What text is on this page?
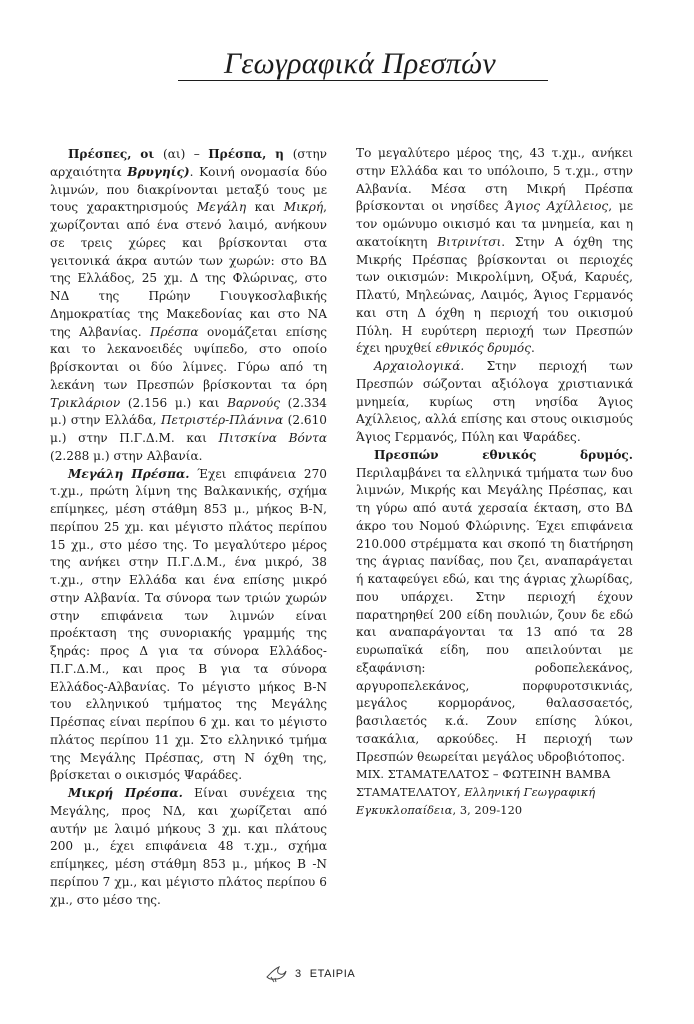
Γεωγραφικά Πρεσπών

Πρέσπες, οι (αι) – Πρέσπα, η (στην αρχαιότητα Βρυγηίς). Κοινή ονομασία δύο λιμνών, που διακρίνονται μεταξύ τους με τους χαρακτηρισμούς Μεγάλη και Μικρή, χωρίζονται από ένα στενό λαιμό, ανήκουν σε τρεις χώρες και βρίσκονται στα γειτονικά άκρα αυτών των χωρών: στο ΒΔ της Ελλάδος, 25 χμ. Δ της Φλώρινας, στο ΝΔ της Πρώην Γιουγκοσλαβικής Δημοκρατίας της Μακεδονίας και στο ΝΑ της Αλβανίας. Πρέσπα ονομάζεται επίσης και το λεκανοειδές υψίπεδο, στο οποίο βρίσκονται οι δύο λίμνες. Γύρω από τη λεκάνη των Πρεσπών βρίσκονται τα όρη Τρικλάριον (2.156 μ.) και Βαρνούς (2.334 μ.) στην Ελλάδα, Πετριστέρ-Πλάνινα (2.610 μ.) στην Π.Γ.Δ.Μ. και Πιτσκίνα Βόντα (2.288 μ.) στην Αλβανία.

Μεγάλη Πρέσπα. Έχει επιφάνεια 270 τ.χμ., πρώτη λίμνη της Βαλκανικής, σχήμα επίμηκες, μέση στάθμη 853 μ., μήκος Β-Ν, περίπου 25 χμ. και μέγιστο πλάτος περίπου 15 χμ., στο μέσο της. Το μεγαλύτερο μέρος της ανήκει στην Π.Γ.Δ.Μ., ένα μικρό, 38 τ.χμ., στην Ελλάδα και ένα επίσης μικρό στην Αλβανία. Τα σύνορα των τριών χωρών στην επιφάνεια των λιμνών είναι προέκταση της συνοριακής γραμμής της ξηράς: προς Δ για τα σύνορα Ελλάδος-Π.Γ.Δ.Μ., και προς Β για τα σύνορα Ελλάδος-Αλβανίας. Το μέγιστο μήκος Β-Ν του ελληνικού τμήματος της Μεγάλης Πρέσπας είναι περίπου 6 χμ. και το μέγιστο πλάτος περίπου 11 χμ. Στο ελληνικό τμήμα της Μεγάλης Πρέσπας, στη Ν όχθη της, βρίσκεται ο οικισμός Ψαράδες.

Μικρή Πρέσπα. Είναι συνέχεια της Μεγάλης, προς ΝΔ, και χωρίζεται από αυτήν με λαιμό μήκους 3 χμ. και πλάτους 200 μ., έχει επιφάνεια 48 τ.χμ., σχήμα επίμηκες, μέση στάθμη 853 μ., μήκος Β -Ν περίπου 7 χμ., και μέγιστο πλάτος περίπου 6 χμ., στο μέσο της.

Το μεγαλύτερο μέρος της, 43 τ.χμ., ανήκει στην Ελλάδα και το υπόλοιπο, 5 τ.χμ., στην Αλβανία. Μέσα στη Μικρή Πρέσπα βρίσκονται οι νησίδες Άγιος Αχίλλειος, με τον ομώνυμο οικισμό και τα μνημεία, και η ακατοίκητη Βιτρινίτσι. Στην Α όχθη της Μικρής Πρέσπας βρίσκονται οι περιοχές των οικισμών: Μικρολίμνη, Οξυά, Καρυές, Πλατύ, Μηλεώνας, Λαιμός, Άγιος Γερμανός και στη Δ όχθη η περιοχή του οικισμού Πύλη. Η ευρύτερη περιοχή των Πρεσπών έχει ηρυχθεί εθνικός δρυμός.

Αρχαιολογικά. Στην περιοχή των Πρεσπών σώζονται αξιόλογα χριστιανικά μνημεία, κυρίως στη νησίδα Άγιος Αχίλλειος, αλλά επίσης και στους οικισμούς Άγιος Γερμανός, Πύλη και Ψαράδες.

Πρεσπών εθνικός δρυμός. Περιλαμβάνει τα ελληνικά τμήματα των δυο λιμνών, Μικρής και Μεγάλης Πρέσπας, και τη γύρω από αυτά χερσαία έκταση, στο ΒΔ άκρο του Νομού Φλώρινης. Έχει επιφάνεια 210.000 στρέμματα και σκοπό τη διατήρηση της άγριας πανίδας, που ζει, αναπαράγεται ή καταφεύγει εδώ, και της άγριας χλωρίδας, που υπάρχει. Στην περιοχή έχουν παρατηρηθεί 200 είδη πουλιών, ζουν δε εδώ και αναπαράγονται τα 13 από τα 28 ευρωπαϊκά είδη, που απειλούνται με εξαφάνιση: ροδοπελεκάνος, αργυροπελεκάνος, πορφυροτσικνιάς, μεγάλος κορμοράνος, θαλασσαετός, βασιλαετός κ.ά. Ζουν επίσης λύκοι, τσακάλια, αρκούδες. Η περιοχή των Πρεσπών θεωρείται μεγάλος υδροβιότοπος.

ΜΙΧ. ΣΤΑΜΑΤΕΛΑΤΟΣ – ΦΩΤΕΙΝΗ ΒΑΜΒΑ ΣΤΑΜΑΤΕΛΑΤΟΥ, Ελληνική Γεωγραφική Εγκυκλοπαίδεια, 3, 209-120

3 ΕΤΑΙΡΙΑ
